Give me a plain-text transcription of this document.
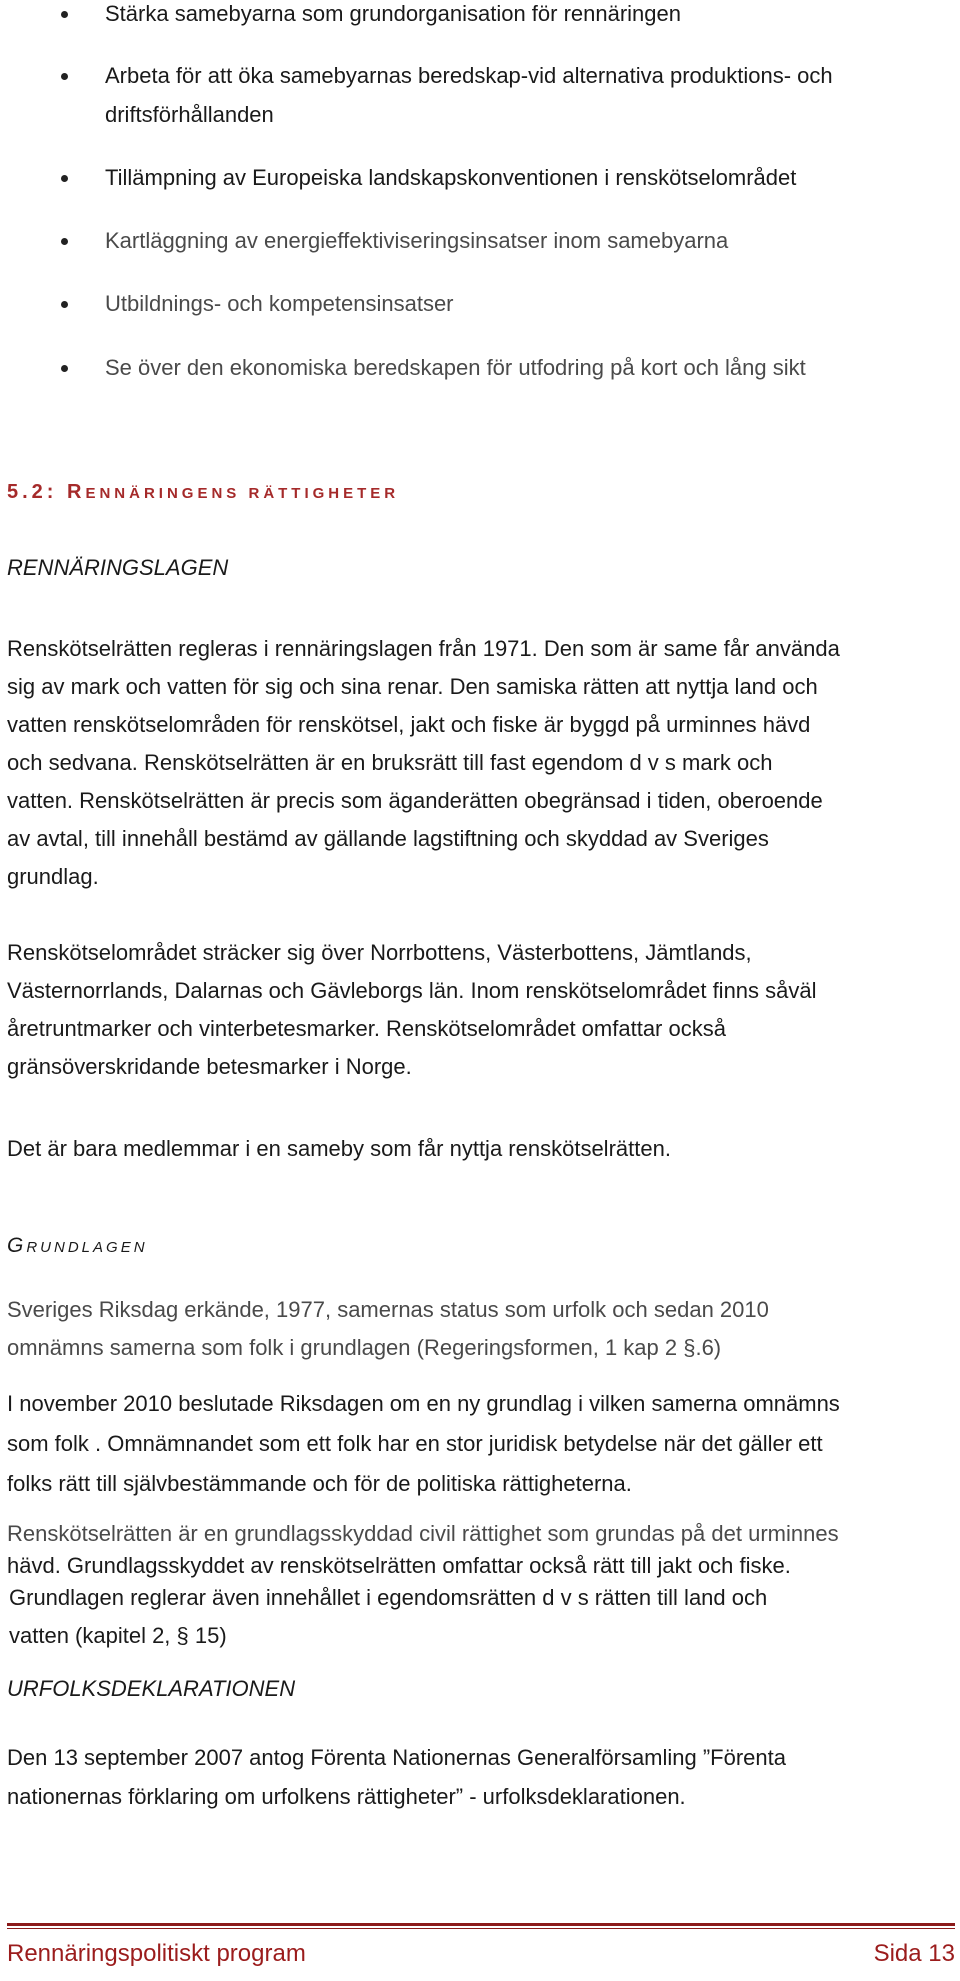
Stärka samebyarna som grundorganisation för rennäringen
Arbeta för att öka samebyarnas beredskap-vid alternativa produktions- och
driftsförhållanden
Tillämpning av Europeiska landskapskonventionen i renskötselområdet
Kartläggning av energieffektiviseringsinsatser inom samebyarna
Utbildnings- och kompetensinsatser
Se över den ekonomiska beredskapen för utfodring på kort och lång sikt
5.2: RENNÄRINGENS RÄTTIGHETER
RENNÄRINGSLAGEN
Renskötselrätten regleras i rennäringslagen från 1971. Den som är same får använda
sig av mark och vatten för sig och sina renar. Den samiska rätten att nyttja land och
vatten renskötselområden för renskötsel, jakt och fiske är byggd på urminnes hävd
och sedvana. Renskötselrätten är en bruksrätt till fast egendom d v s mark och
vatten. Renskötselrätten är precis som äganderätten obegränsad i tiden, oberoende
av avtal, till innehåll bestämd av gällande lagstiftning och skyddad av Sveriges
grundlag.
Renskötselområdet sträcker sig över Norrbottens, Västerbottens, Jämtlands,
Västernorrlands, Dalarnas och Gävleborgs län. Inom renskötselområdet finns såväl
åretruntmarker och vinterbetesmarker. Renskötselområdet omfattar också
gränsöverskridande betesmarker i Norge.
Det är bara medlemmar i en sameby som får nyttja renskötselrätten.
GRUNDLAGEN
Sveriges Riksdag erkände, 1977, samernas status som urfolk och sedan 2010
omnämns samerna som folk i grundlagen (Regeringsformen, 1 kap 2 §.6)
I november 2010 beslutade Riksdagen om en ny grundlag i vilken samerna omnämns
som folk . Omnämnandet som ett folk har en stor juridisk betydelse när det gäller ett
folks rätt till självbestämmande och för de politiska rättigheterna.
Renskötselrätten är en grundlagsskyddad civil rättighet som grundas på det urminnes
hävd. Grundlagsskyddet av renskötselrätten omfattar också rätt till jakt och fiske.
Grundlagen reglerar även innehållet i egendomsrätten d v s rätten till land och
vatten (kapitel 2, § 15)
URFOLKSDEKLARATIONEN
Den 13 september 2007 antog Förenta Nationernas Generalförsamling ”Förenta
nationernas förklaring om urfolkens rättigheter” - urfolksdeklarationen.
Rennäringspolitiskt program	Sida 13
